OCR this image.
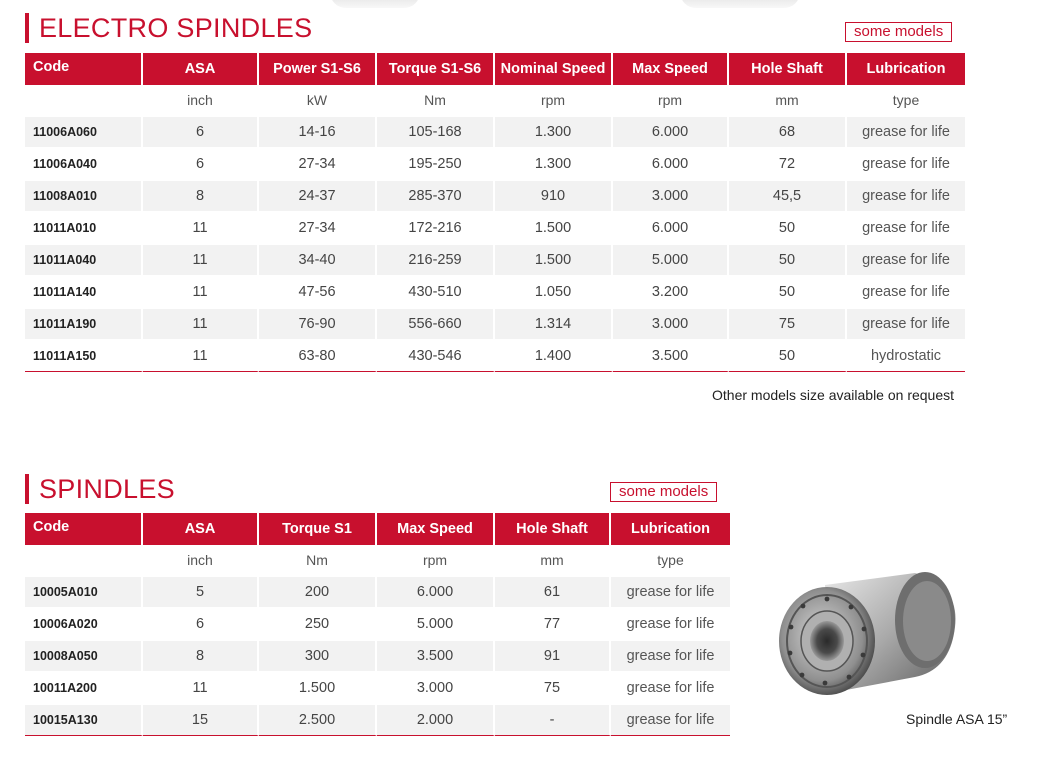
ELECTRO SPINDLES	some models
Code	ASA	Power S1-S6	Torque S1-S6	Nominal Speed	Max Speed	Hole Shaft	Lubrication
	inch	kW	Nm	rpm	rpm	mm	type
11006A060	6	14-16	105-168	1.300	6.000	68	grease for life
11006A040	6	27-34	195-250	1.300	6.000	72	grease for life
11008A010	8	24-37	285-370	910	3.000	45,5	grease for life
11011A010	11	27-34	172-216	1.500	6.000	50	grease for life
11011A040	11	34-40	216-259	1.500	5.000	50	grease for life
11011A140	11	47-56	430-510	1.050	3.200	50	grease for life
11011A190	11	76-90	556-660	1.314	3.000	75	grease for life
11011A150	11	63-80	430-546	1.400	3.500	50	hydrostatic
Other models size available on request
SPINDLES	some models
Code	ASA	Torque S1	Max Speed	Hole Shaft	Lubrication
	inch	Nm	rpm	mm	type
10005A010	5	200	6.000	61	grease for life
10006A020	6	250	5.000	77	grease for life
10008A050	8	300	3.500	91	grease for life
10011A200	11	1.500	3.000	75	grease for life
10015A130	15	2.500	2.000	-	grease for life	Spindle ASA 15”
